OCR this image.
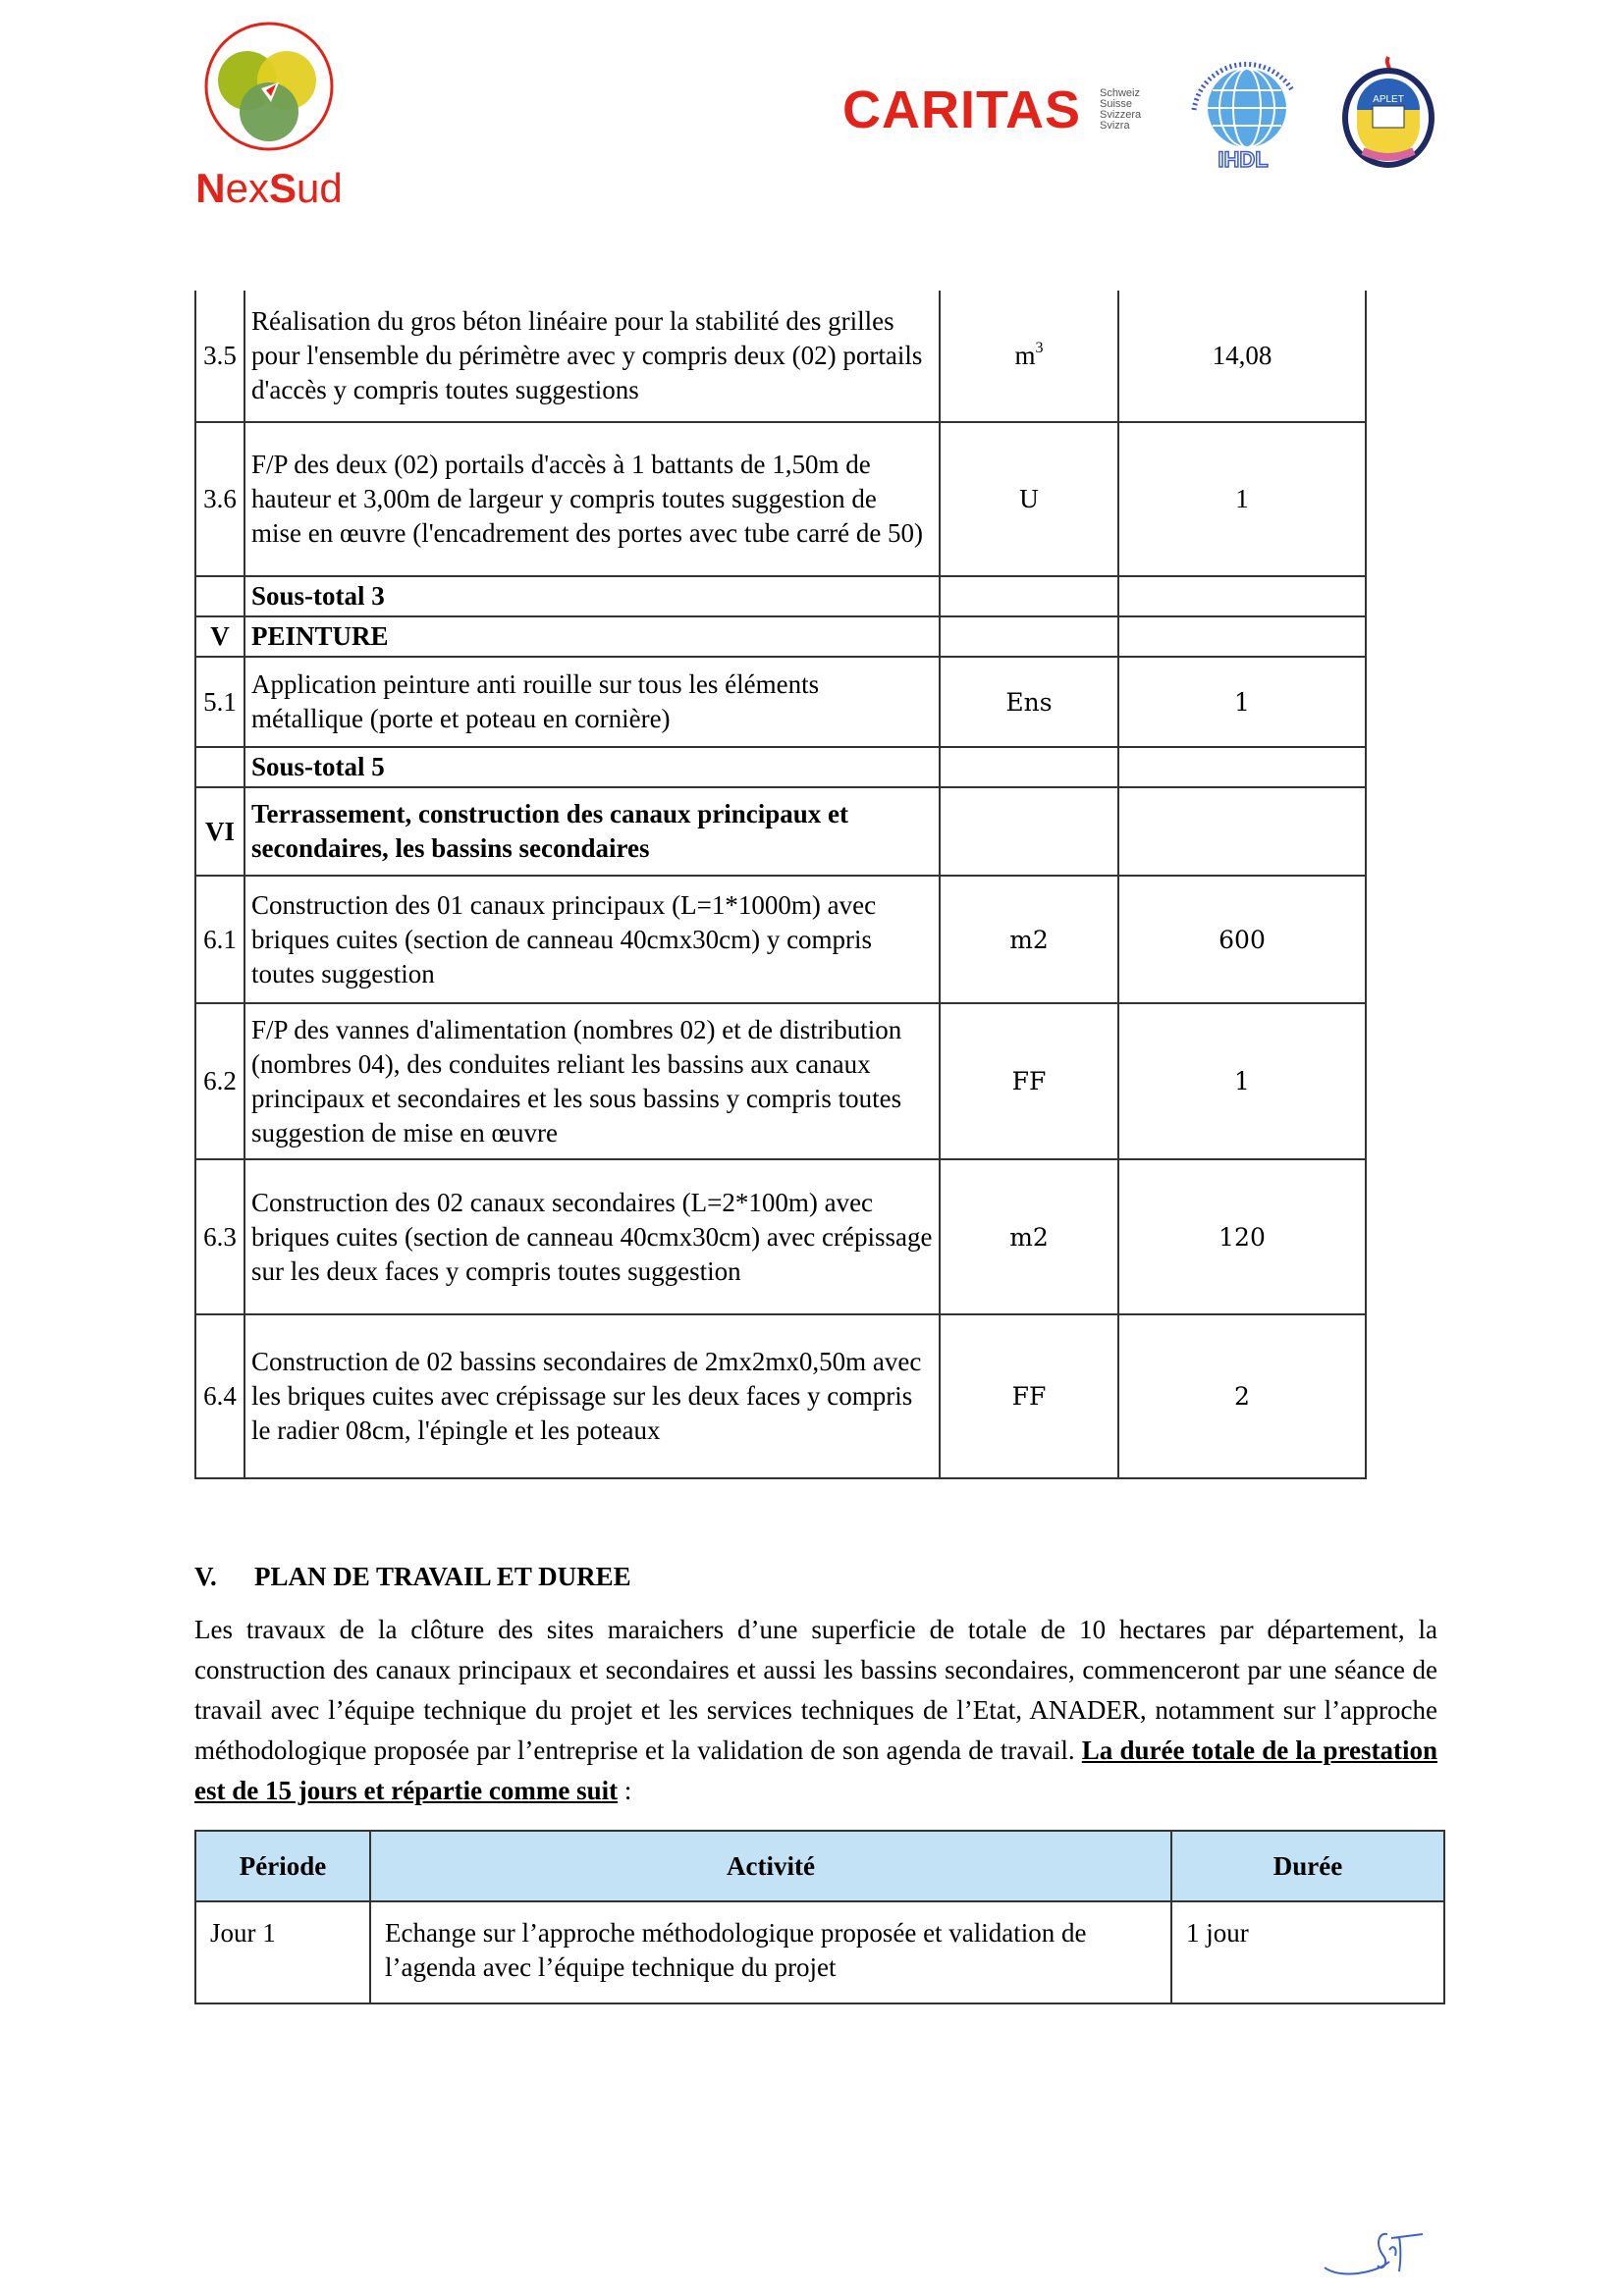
NexSud
CARITAS Schweiz
Suisse
Svizzera
Svizra
IHDL
APLET
3.5	Réalisation du gros béton linéaire pour la stabilité des grilles pour l'ensemble du périmètre avec y compris deux (02) portails d'accès y compris toutes suggestions	$m^3$	14,08
3.6	F/P des deux (02) portails d'accès à 1 battants de 1,50m de hauteur et 3,00m de largeur y compris toutes suggestion de mise en œuvre (l'encadrement des portes avec tube carré de 50)	U	1
	Sous-total 3		
V	PEINTURE		
5.1	Application peinture anti rouille sur tous les éléments métallique (porte et poteau en cornière)	Ens	1
	Sous-total 5		
VI	Terrassement, construction des canaux principaux et secondaires, les bassins secondaires		
6.1	Construction des 01 canaux principaux (L=1*1000m) avec briques cuites (section de canneau 40cmx30cm) y compris toutes suggestion	m2	600
6.2	F/P des vannes d'alimentation (nombres 02) et de distribution (nombres 04), des conduites reliant les bassins aux canaux principaux et secondaires et les sous bassins y compris toutes suggestion de mise en œuvre	FF	1
6.3	Construction des 02 canaux secondaires (L=2*100m) avec briques cuites (section de canneau 40cmx30cm) avec crépissage sur les deux faces y compris toutes suggestion	m2	120
6.4	Construction de 02 bassins secondaires de 2mx2mx0,50m avec les briques cuites avec crépissage sur les deux faces y compris le radier 08cm, l'épingle et les poteaux	FF	2
V. PLAN DE TRAVAIL ET DUREE
Les travaux de la clôture des sites maraichers d’une superficie de totale de 10 hectares par département, la construction des canaux principaux et secondaires et aussi les bassins secondaires, commenceront par une séance de travail avec l’équipe technique du projet et les services techniques de l’Etat, ANADER, notamment sur l’approche méthodologique proposée par l’entreprise et la validation de son agenda de travail. La durée totale de la prestation est de 15 jours et répartie comme suit :
Période	Activité	Durée
Jour 1	Echange sur l’approche méthodologique proposée et validation de l’agenda avec l’équipe technique du projet	1 jour
